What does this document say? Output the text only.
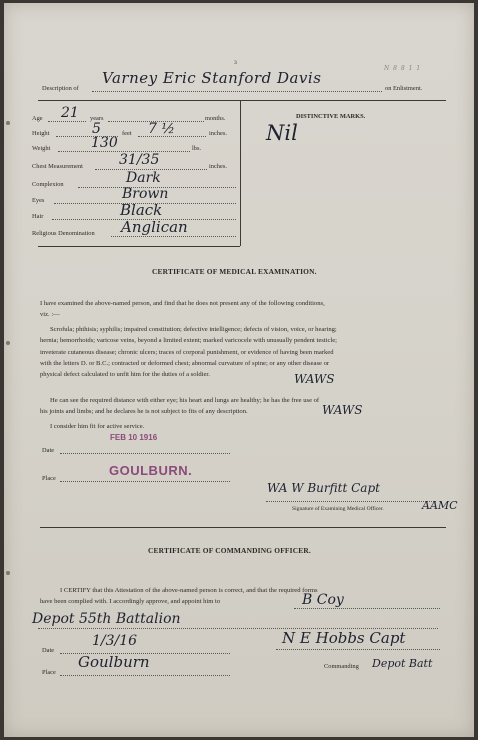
3
N 8 8 1 1
Description of
Varney Eric Stanford Davis
on Enlistment.
Age 21 years	months.
Height	5	feet 7 ½	inches.
Weight	130	lbs.
Chest Measurement	31/35	inches.
Complexion	Dark
Eyes	Brown
Hair	Black
Religious Denomination Anglican
DISTINCTIVE MARKS.
Nil
CERTIFICATE OF MEDICAL EXAMINATION.
I have examined the above-named person, and find that he does not present any of the following conditions,
viz. :—
Scrofula; phthisis; syphilis; impaired constitution; defective intelligence; defects of vision, voice, or hearing;
hernia; hemorrhoids; varicose veins, beyond a limited extent; marked varicocele with unusually pendent testicle;
inveterate cutaneous disease; chronic ulcers; traces of corporal punishment, or evidence of having been marked
with the letters D. or B.C.; contracted or deformed chest; abnormal curvature of spine; or any other disease or
physical defect calculated to unfit him for the duties of a soldier.	WAWS
He can see the required distance with either eye; his heart and lungs are healthy; he has the free use of
his joints and limbs; and he declares he is not subject to fits of any description.	WAWS
I consider him fit for active service.
FEB 10 1916
Date
GOULBURN.
Place
WA W Burfitt Capt
Signature of Examining Medical Officer.	AAMC
CERTIFICATE OF COMMANDING OFFICER.
I CERTIFY that this Attestation of the above-named person is correct, and that the required forms
have been complied with. I accordingly approve, and appoint him to	B Coy
Depot 55th Battalion
Date
1/3/16	N E Hobbs Capt
Place
Goulburn	Commanding Depot Batt
